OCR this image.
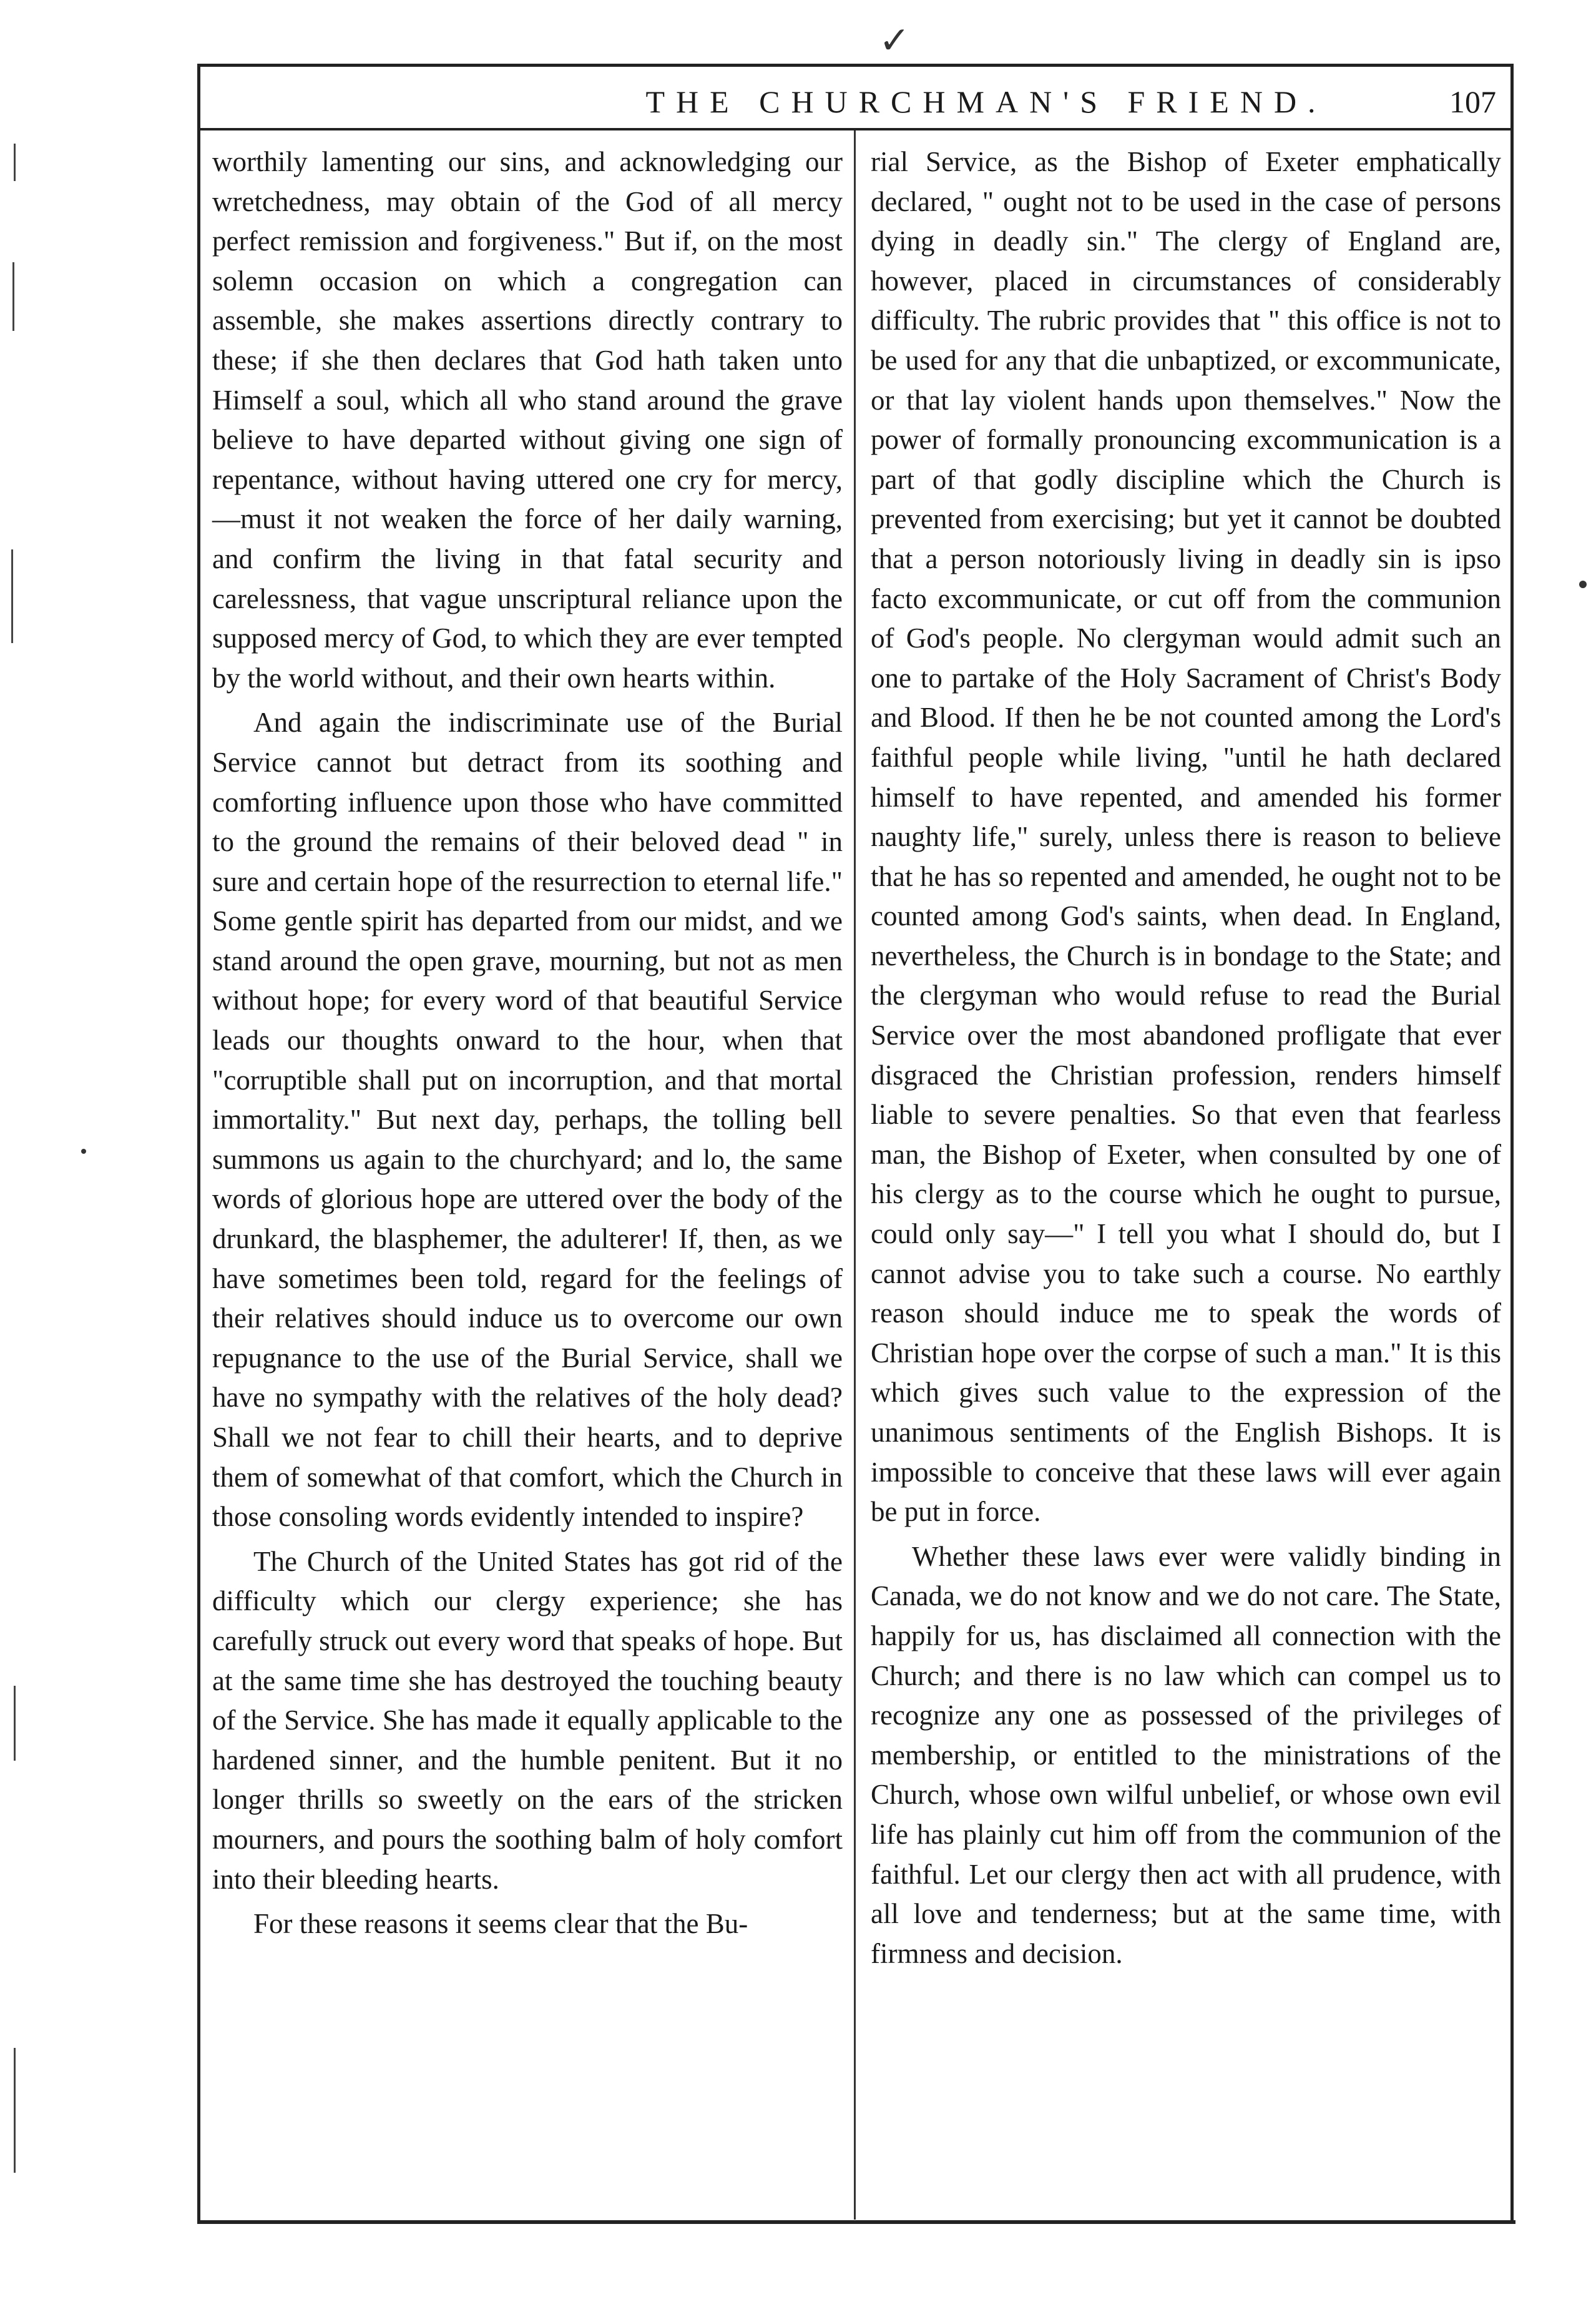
✓
THE CHURCHMAN'S FRIEND.	107

worthily lamenting our sins, and acknowledging our wretchedness, may obtain of the God of all mercy perfect remission and forgiveness." But if, on the most solemn occasion on which a congregation can assemble, she makes assertions directly contrary to these; if she then declares that God hath taken unto Himself a soul, which all who stand around the grave believe to have departed without giving one sign of repentance, without having uttered one cry for mercy,—must it not weaken the force of her daily warning, and confirm the living in that fatal security and carelessness, that vague unscriptural reliance upon the supposed mercy of God, to which they are ever tempted by the world without, and their own hearts within.

And again the indiscriminate use of the Burial Service cannot but detract from its soothing and comforting influence upon those who have committed to the ground the remains of their beloved dead " in sure and certain hope of the resurrection to eternal life." Some gentle spirit has departed from our midst, and we stand around the open grave, mourning, but not as men without hope; for every word of that beautiful Service leads our thoughts onward to the hour, when that "corruptible shall put on incorruption, and that mortal immortality." But next day, perhaps, the tolling bell summons us again to the churchyard; and lo, the same words of glorious hope are uttered over the body of the drunkard, the blasphemer, the adulterer! If, then, as we have sometimes been told, regard for the feelings of their relatives should induce us to overcome our own repugnance to the use of the Burial Service, shall we have no sympathy with the relatives of the holy dead? Shall we not fear to chill their hearts, and to deprive them of somewhat of that comfort, which the Church in those consoling words evidently intended to inspire?

The Church of the United States has got rid of the difficulty which our clergy experience; she has carefully struck out every word that speaks of hope. But at the same time she has destroyed the touching beauty of the Service. She has made it equally applicable to the hardened sinner, and the humble penitent. But it no longer thrills so sweetly on the ears of the stricken mourners, and pours the soothing balm of holy comfort into their bleeding hearts.

For these reasons it seems clear that the Bu-

rial Service, as the Bishop of Exeter emphatically declared, " ought not to be used in the case of persons dying in deadly sin." The clergy of England are, however, placed in circumstances of considerably difficulty. The rubric provides that " this office is not to be used for any that die unbaptized, or excommunicate, or that lay violent hands upon themselves." Now the power of formally pronouncing excommunication is a part of that godly discipline which the Church is prevented from exercising; but yet it cannot be doubted that a person notoriously living in deadly sin is ipso facto excommunicate, or cut off from the communion of God's people. No clergyman would admit such an one to partake of the Holy Sacrament of Christ's Body and Blood. If then he be not counted among the Lord's faithful people while living, "until he hath declared himself to have repented, and amended his former naughty life," surely, unless there is reason to believe that he has so repented and amended, he ought not to be counted among God's saints, when dead. In England, nevertheless, the Church is in bondage to the State; and the clergyman who would refuse to read the Burial Service over the most abandoned profligate that ever disgraced the Christian profession, renders himself liable to severe penalties. So that even that fearless man, the Bishop of Exeter, when consulted by one of his clergy as to the course which he ought to pursue, could only say—" I tell you what I should do, but I cannot advise you to take such a course. No earthly reason should induce me to speak the words of Christian hope over the corpse of such a man." It is this which gives such value to the expression of the unanimous sentiments of the English Bishops. It is impossible to conceive that these laws will ever again be put in force.

Whether these laws ever were validly binding in Canada, we do not know and we do not care. The State, happily for us, has disclaimed all connection with the Church; and there is no law which can compel us to recognize any one as possessed of the privileges of membership, or entitled to the ministrations of the Church, whose own wilful unbelief, or whose own evil life has plainly cut him off from the communion of the faithful. Let our clergy then act with all prudence, with all love and tenderness; but at the same time, with firmness and decision.
